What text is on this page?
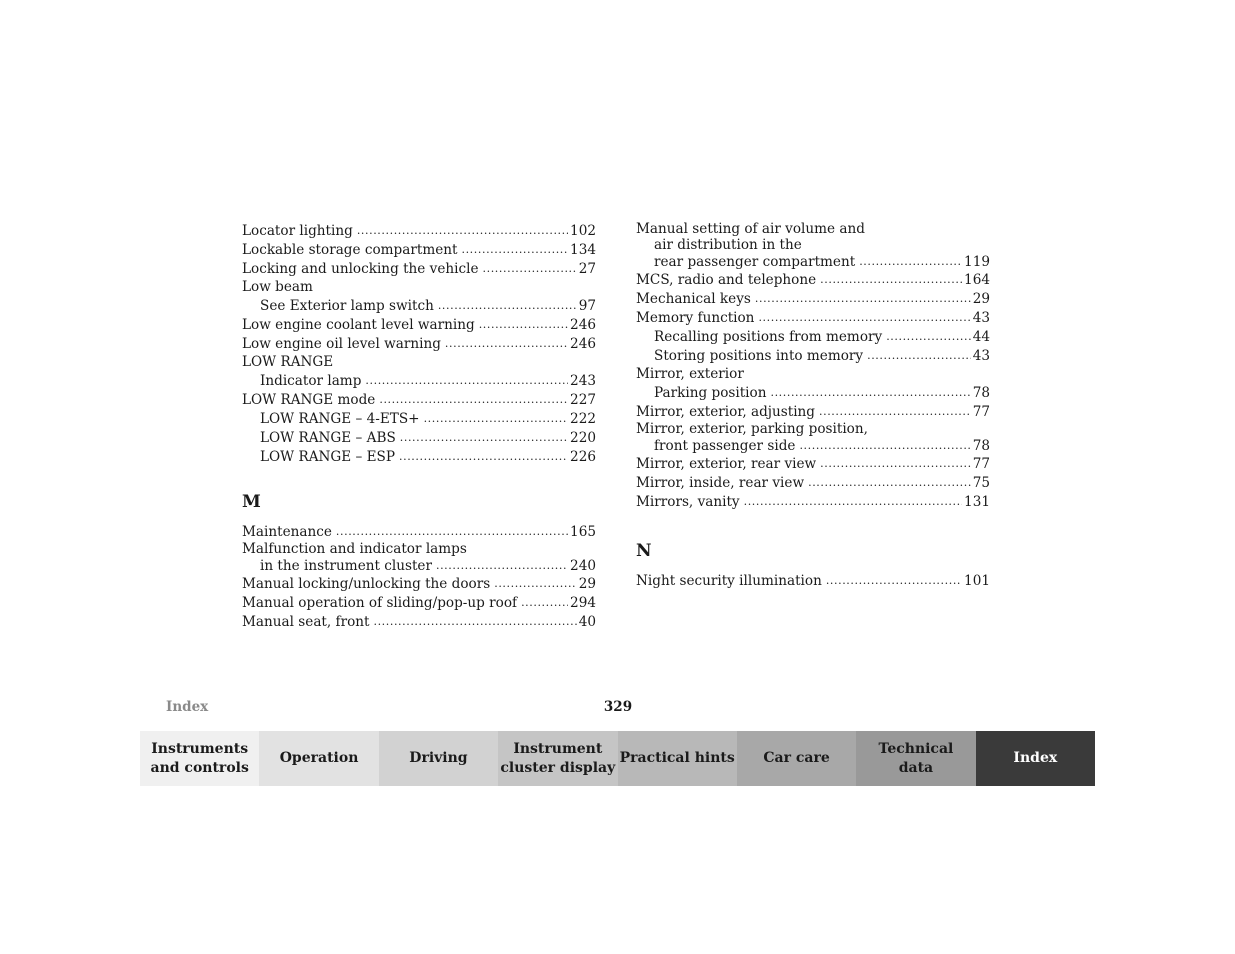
Locator lighting .....	102
Lockable storage compartment .....	134
Locking and unlocking the vehicle .....	27
Low beam
See Exterior lamp switch .....	97
Low engine coolant level warning .....	246
Low engine oil level warning .....	246
LOW RANGE
Indicator lamp .....	243
LOW RANGE mode .....	227
LOW RANGE – 4-ETS+ .....	222
LOW RANGE – ABS .....	220
LOW RANGE – ESP .....	226
M
Maintenance .....	165
Malfunction and indicator lamps
in the instrument cluster .....	240
Manual locking/unlocking the doors .....	29
Manual operation of sliding/pop-up roof .....	294
Manual seat, front .....	40
Manual setting of air volume and
air distribution in the
rear passenger compartment .....	119
MCS, radio and telephone .....	164
Mechanical keys .....	29
Memory function .....	43
Recalling positions from memory .....	44
Storing positions into memory .....	43
Mirror, exterior
Parking position .....	78
Mirror, exterior, adjusting .....	77
Mirror, exterior, parking position,
front passenger side .....	78
Mirror, exterior, rear view .....	77
Mirror, inside, rear view .....	75
Mirrors, vanity .....	131
N
Night security illumination .....	101
Index	329
Instruments
and controls
Operation	Driving
Instrument
cluster display
Practical hints	Car care
Technical
data
Index
